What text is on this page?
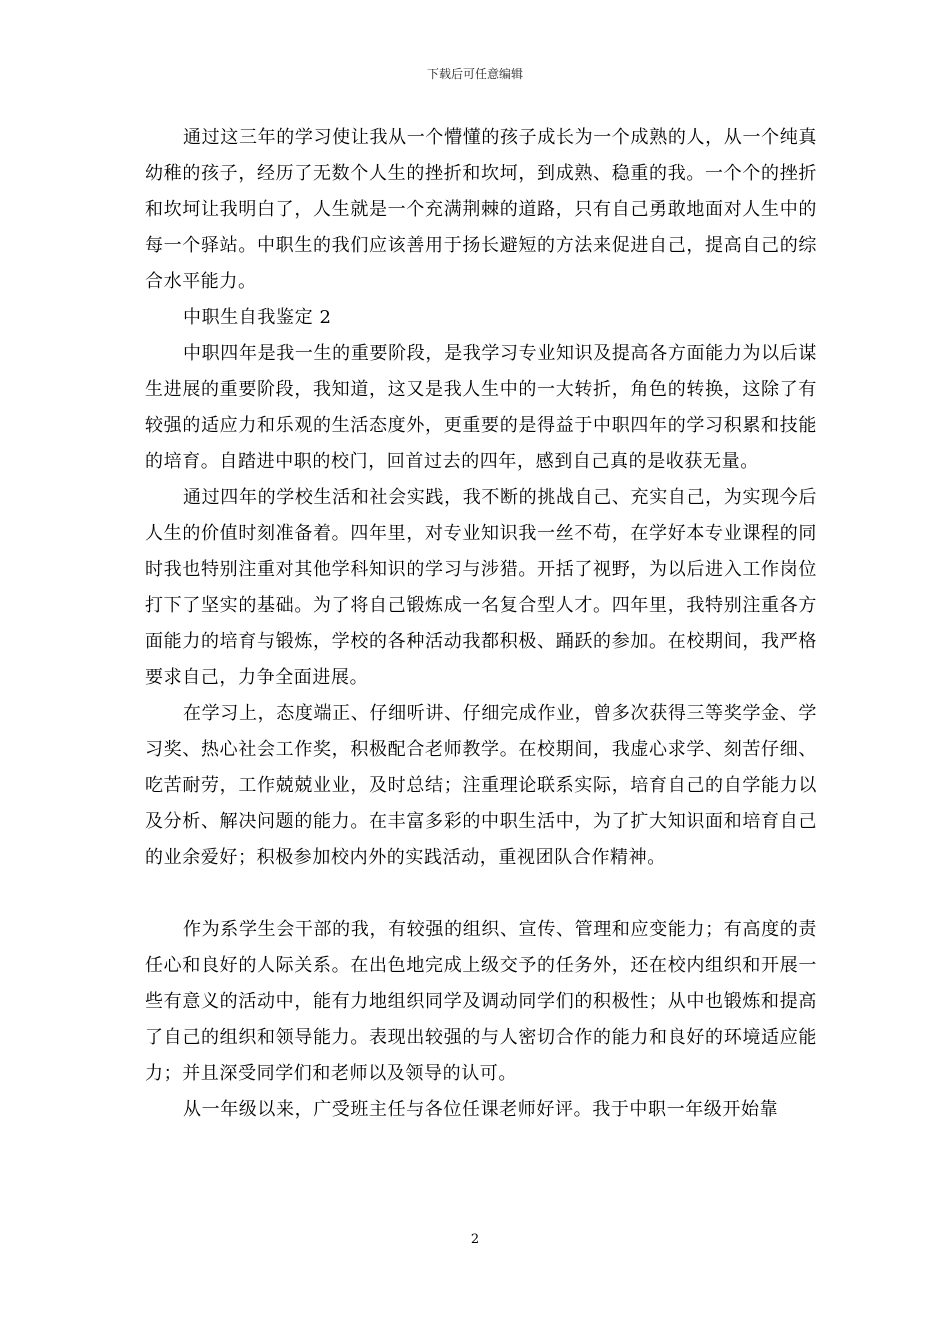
下载后可任意编辑

通过这三年的学习使让我从一个懵懂的孩子成长为一个成熟的人，从一个纯真幼稚的孩子，经历了无数个人生的挫折和坎坷，到成熟、稳重的我。一个个的挫折和坎坷让我明白了，人生就是一个充满荆棘的道路，只有自己勇敢地面对人生中的每一个驿站。中职生的我们应该善用于扬长避短的方法来促进自己，提高自己的综合水平能力。

中职生自我鉴定 2

中职四年是我一生的重要阶段，是我学习专业知识及提高各方面能力为以后谋生进展的重要阶段，我知道，这又是我人生中的一大转折，角色的转换，这除了有较强的适应力和乐观的生活态度外，更重要的是得益于中职四年的学习积累和技能的培育。自踏进中职的校门，回首过去的四年，感到自己真的是收获无量。

通过四年的学校生活和社会实践，我不断的挑战自己、充实自己，为实现今后人生的价值时刻准备着。四年里，对专业知识我一丝不苟，在学好本专业课程的同时我也特别注重对其他学科知识的学习与涉猎。开括了视野，为以后进入工作岗位打下了坚实的基础。为了将自己锻炼成一名复合型人才。四年里，我特别注重各方面能力的培育与锻炼，学校的各种活动我都积极、踊跃的参加。在校期间，我严格要求自己，力争全面进展。

在学习上，态度端正、仔细听讲、仔细完成作业，曾多次获得三等奖学金、学习奖、热心社会工作奖，积极配合老师教学。在校期间，我虚心求学、刻苦仔细、吃苦耐劳，工作兢兢业业，及时总结；注重理论联系实际，培育自己的自学能力以及分析、解决问题的能力。在丰富多彩的中职生活中，为了扩大知识面和培育自己的业余爱好；积极参加校内外的实践活动，重视团队合作精神。

作为系学生会干部的我，有较强的组织、宣传、管理和应变能力；有高度的责任心和良好的人际关系。在出色地完成上级交予的任务外，还在校内组织和开展一些有意义的活动中，能有力地组织同学及调动同学们的积极性；从中也锻炼和提高了自己的组织和领导能力。表现出较强的与人密切合作的能力和良好的环境适应能力；并且深受同学们和老师以及领导的认可。

从一年级以来，广受班主任与各位任课老师好评。我于中职一年级开始靠

2
